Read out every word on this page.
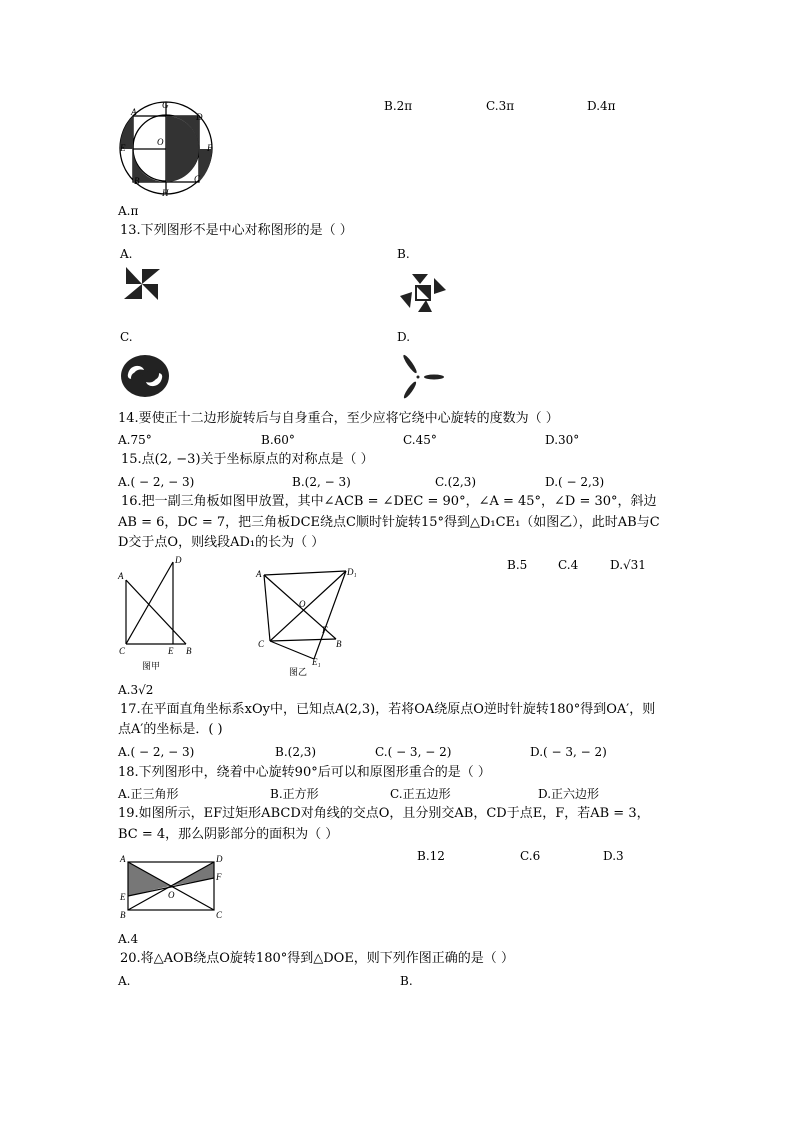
A
G
D
E
O
F
B
H
C
B.2π	C.3π	D.4π
A.π
13.下列图形不是中心对称图形的是（ ）
A.	B.
C.	D.
14.要使正十二边形旋转后与自身重合，至少应将它绕中心旋转的度数为（ ）
A.75°	B.60°	C.45°	D.30°
15.点(2, −3)关于坐标原点的对称点是（ ）
A.( − 2, − 3)	B.(2, − 3)	C.(2,3)	D.( − 2,3)
16.把一副三角板如图甲放置，其中∠ACB = ∠DEC = 90°，∠A = 45°，∠D = 30°，斜边
AB = 6，DC = 7，把三角板DCE绕点C顺时针旋转15°得到△D₁CE₁（如图乙），此时AB与C
D交于点O，则线段AD₁的长为（ ）
A
D
C	E B
图甲
A	D₁
O
F
C	B
E₁
图乙
B.5	C.4	D.√31
A.3√2
17.在平面直角坐标系xOy中，已知点A(2,3)，若将OA绕原点O逆时针旋转180°得到OA′，则
点A′的坐标是．( )
A.( − 2, − 3)	B.(2,3)	C.( − 3, − 2)	D.( − 3, − 2)
18.下列图形中，绕着中心旋转90°后可以和原图形重合的是（ ）
A.正三角形	B.正方形	C.正五边形	D.正六边形
19.如图所示，EF过矩形ABCD对角线的交点O，且分别交AB，CD于点E，F，若AB = 3，
BC = 4，那么阴影部分的面积为（ ）
A	D
E
F
O
B	C
B.12	C.6	D.3
A.4
20.将△AOB绕点O旋转180°得到△DOE，则下列作图正确的是（ ）
A.	B.
